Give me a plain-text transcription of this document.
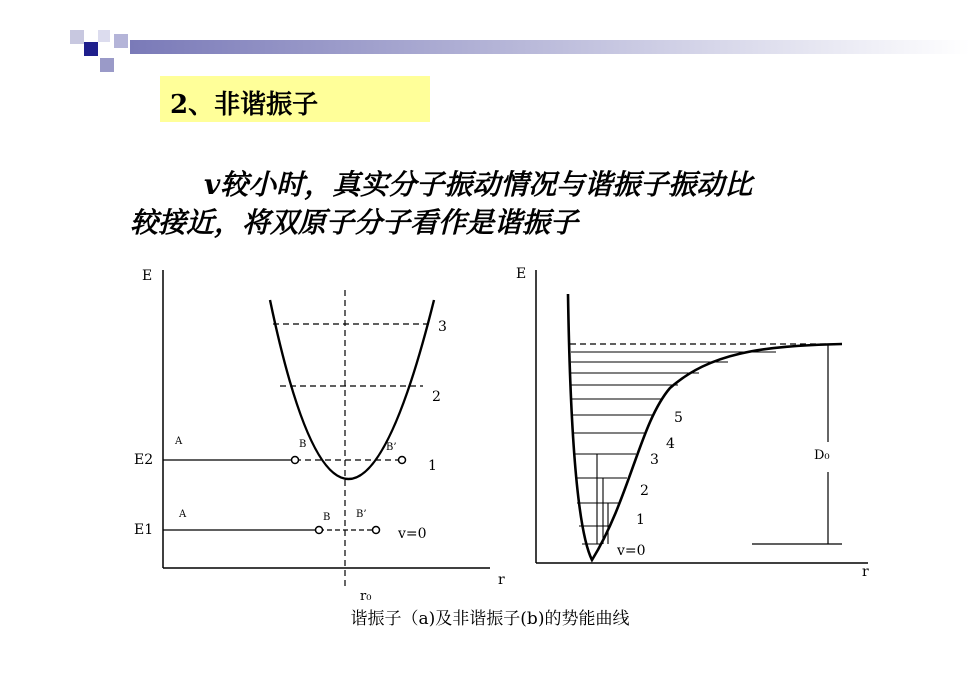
2、非谐振子
v较小时，真实分子振动情况与谐振子振动比
较接近，将双原子分子看作是谐振子
E
r
r₀
3
2
1
v=0
E2
E1
A	B	B’
A	B	B’
E
r
5
4
3
2
1
v=0
D₀
谐振子（a)及非谐振子(b)的势能曲线
